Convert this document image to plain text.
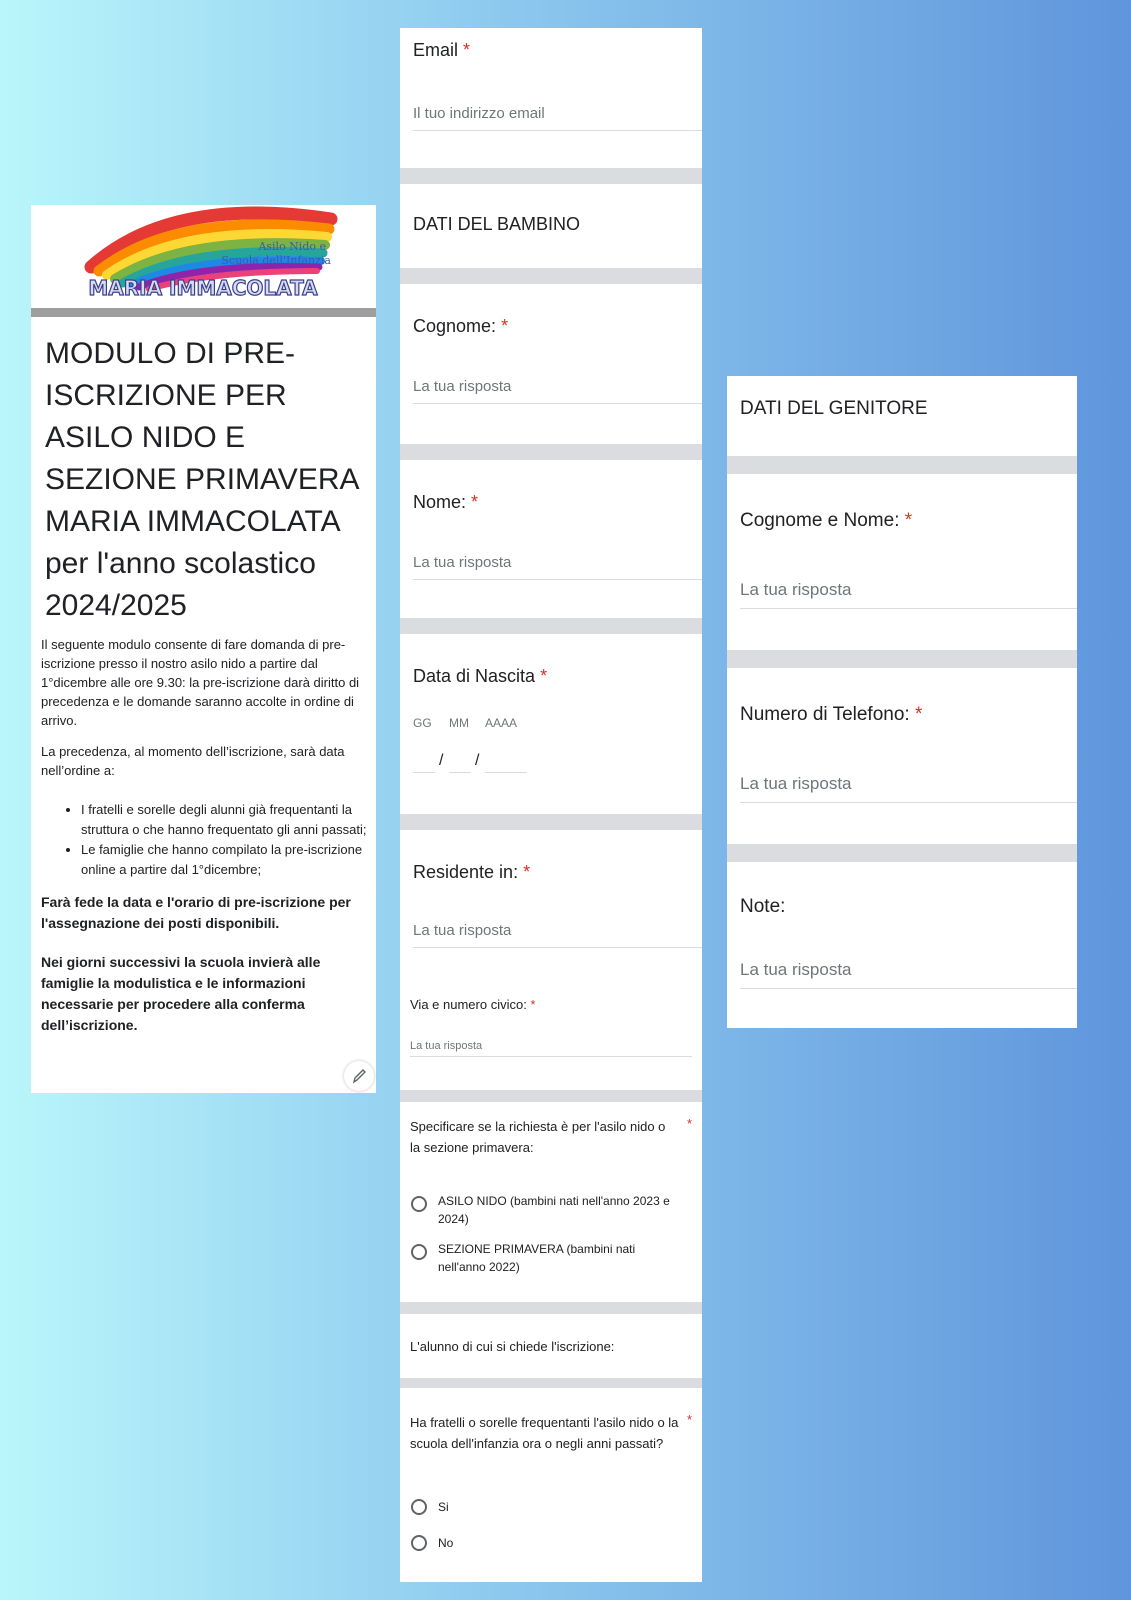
Asilo Nido e
Scuola dell'Infanzia
MARIA IMMACOLATA
MODULO DI PRE-ISCRIZIONE PER ASILO NIDO E SEZIONE PRIMAVERA MARIA IMMACOLATA per l'anno scolastico 2024/2025

Il seguente modulo consente di fare domanda di pre-iscrizione presso il nostro asilo nido a partire dal 1°dicembre alle ore 9.30: la pre-iscrizione darà diritto di precedenza e le domande saranno accolte in ordine di arrivo.

La precedenza, al momento dell’iscrizione, sarà data nell’ordine a:

• I fratelli e sorelle degli alunni già frequentanti la struttura o che hanno frequentato gli anni passati;
• Le famiglie che hanno compilato la pre-iscrizione online a partire dal 1°dicembre;

Farà fede la data e l'orario di pre-iscrizione per l'assegnazione dei posti disponibili.

Nei giorni successivi la scuola invierà alle famiglie la modulistica e le informazioni necessarie per procedere alla conferma dell’iscrizione.

Email *
Il tuo indirizzo email
DATI DEL BAMBINO
Cognome: *
La tua risposta
Nome: *
La tua risposta
Data di Nascita *
GG MM AAAA
/ /
Residente in: *
La tua risposta
Via e numero civico: *
La tua risposta
Specificare se la richiesta è per l'asilo nido o la sezione primavera:
*
ASILO NIDO (bambini nati nell'anno 2023 e 2024)
SEZIONE PRIMAVERA (bambini nati nell'anno 2022)
L'alunno di cui si chiede l'iscrizione:
Ha fratelli o sorelle frequentanti l'asilo nido o la scuola dell'infanzia ora o negli anni passati?
*
Si
No
DATI DEL GENITORE
Cognome e Nome: *
La tua risposta
Numero di Telefono: *
La tua risposta
Note:
La tua risposta
